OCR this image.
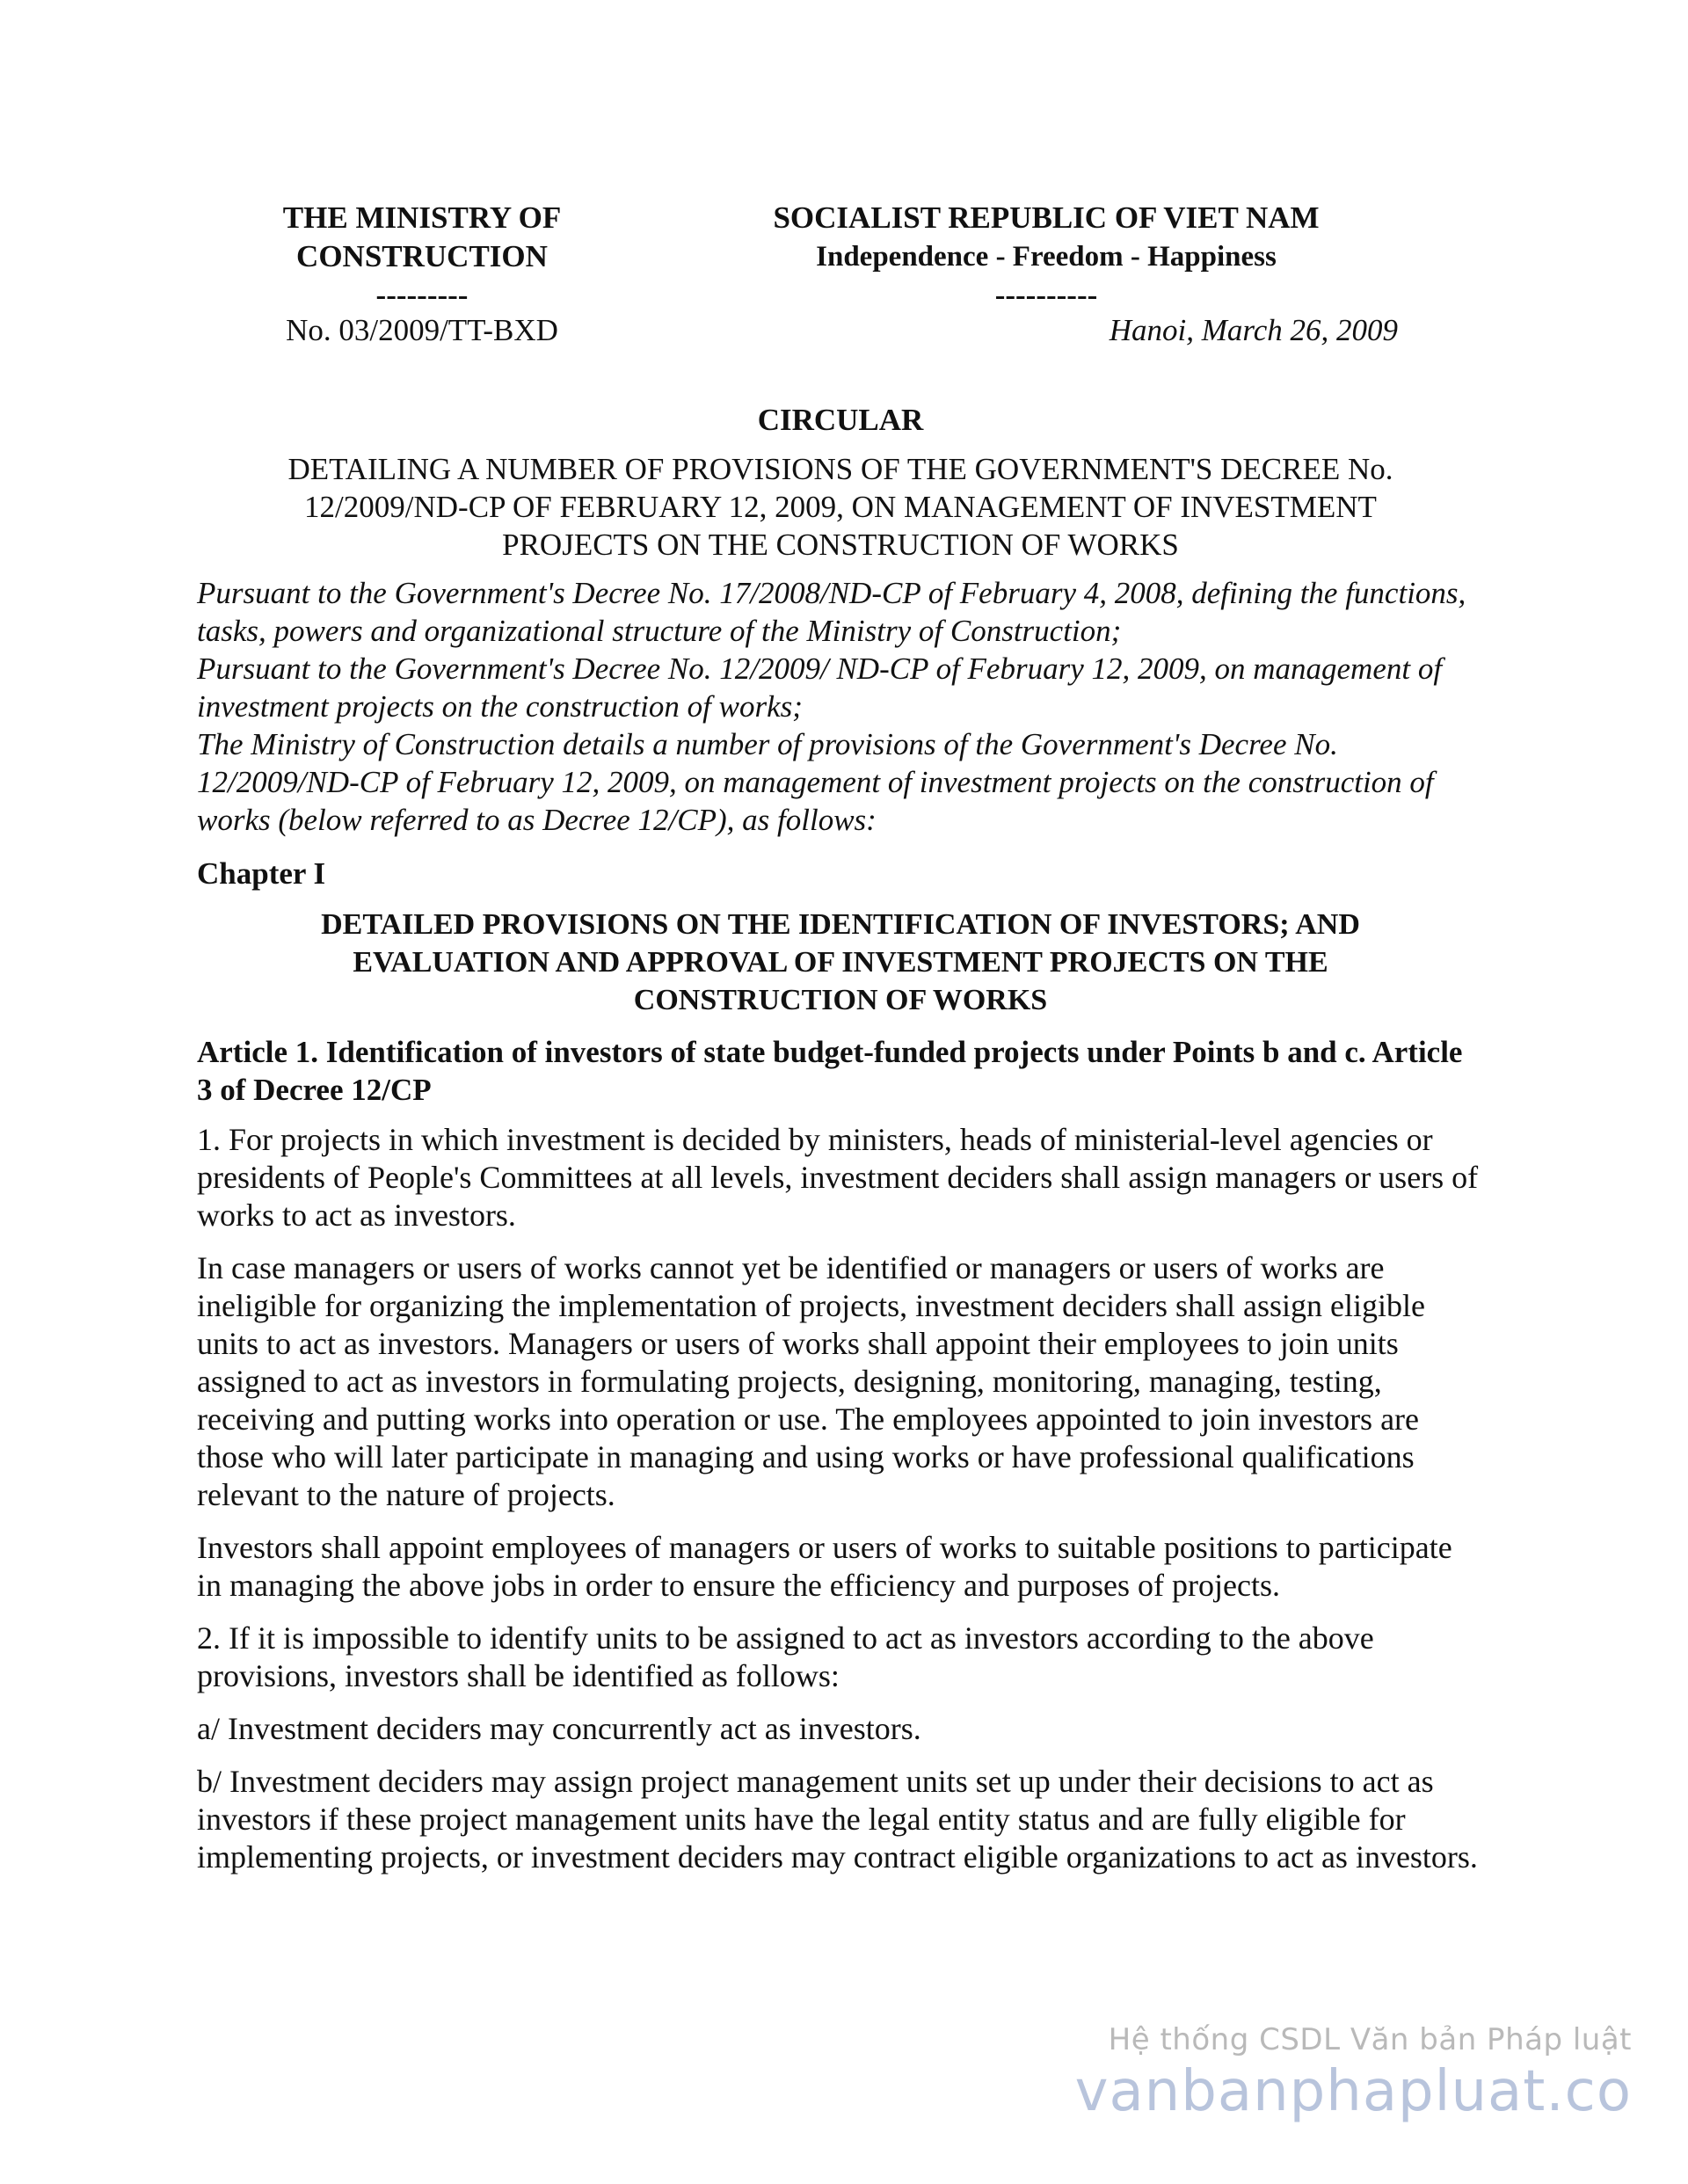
THE MINISTRY OF
CONSTRUCTION
---------
SOCIALIST REPUBLIC OF VIET NAM
Independence - Freedom - Happiness
----------
No. 03/2009/TT-BXD	Hanoi, March 26, 2009
CIRCULAR
DETAILING A NUMBER OF PROVISIONS OF THE GOVERNMENT'S DECREE No. 12/2009/ND-CP OF FEBRUARY 12, 2009, ON MANAGEMENT OF INVESTMENT PROJECTS ON THE CONSTRUCTION OF WORKS

Pursuant to the Government's Decree No. 17/2008/ND-CP of February 4, 2008, defining the functions, tasks, powers and organizational structure of the Ministry of Construction;

Pursuant to the Government's Decree No. 12/2009/ ND-CP of February 12, 2009, on management of investment projects on the construction of works;

The Ministry of Construction details a number of provisions of the Government's Decree No. 12/2009/ND-CP of February 12, 2009, on management of investment projects on the construction of works (below referred to as Decree 12/CP), as follows:

Chapter I
DETAILED PROVISIONS ON THE IDENTIFICATION OF INVESTORS; AND EVALUATION AND APPROVAL OF INVESTMENT PROJECTS ON THE CONSTRUCTION OF WORKS
Article 1. Identification of investors of state budget-funded projects under Points b and c. Article 3 of Decree 12/CP

1. For projects in which investment is decided by ministers, heads of ministerial-level agencies or presidents of People's Committees at all levels, investment deciders shall assign managers or users of works to act as investors.

In case managers or users of works cannot yet be identified or managers or users of works are ineligible for organizing the implementation of projects, investment deciders shall assign eligible units to act as investors. Managers or users of works shall appoint their employees to join units assigned to act as investors in formulating projects, designing, monitoring, managing, testing, receiving and putting works into operation or use. The employees appointed to join investors are those who will later participate in managing and using works or have professional qualifications relevant to the nature of projects.

Investors shall appoint employees of managers or users of works to suitable positions to participate in managing the above jobs in order to ensure the efficiency and purposes of projects.

2. If it is impossible to identify units to be assigned to act as investors according to the above provisions, investors shall be identified as follows:

a/ Investment deciders may concurrently act as investors.

b/ Investment deciders may assign project management units set up under their decisions to act as investors if these project management units have the legal entity status and are fully eligible for implementing projects, or investment deciders may contract eligible organizations to act as investors.

Hệ thống CSDL Văn bản Pháp luật
vanbanphapluat.co
